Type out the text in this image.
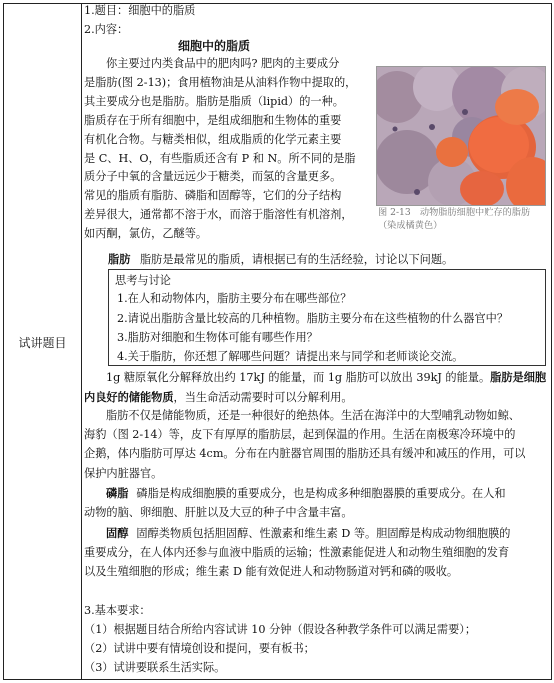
试讲题目

1.题目：细胞中的脂质

2.内容：

细胞中的脂质
你主要过内类食品中的肥肉吗? 肥肉的主要成分
是脂肪(图 2-13)；食用植物油是从油料作物中提取的，
其主要成分也是脂肪。脂肪是脂质（lipid）的一种。
脂质存在于所有细胞中，是组成细胞和生物体的重要
有机化合物。与糖类相似，组成脂质的化学元素主要
是 C、H、O，有些脂质还含有 P 和 N。所不同的是脂
质分子中氧的含量远远少于糖类，而氢的含量更多。
常见的脂质有脂肪、磷脂和固醇等，它们的分子结构
差异很大，通常都不溶于水，而溶于脂溶性有机溶剂，
如丙酮，氯仿，乙醚等。
图 2-13　动物脂肪细胞中贮存的脂肪（染成橘黄色）
脂肪 脂肪是最常见的脂质，请根据已有的生活经验，讨论以下问题。
思考与讨论
1.在人和动物体内，脂肪主要分布在哪些部位？
2.请说出脂肪含量比较高的几种植物。脂肪主要分布在这些植物的什么器官中？
3.脂肪对细胞和生物体可能有哪些作用？
4.关于脂肪，你还想了解哪些问题？请提出来与同学和老师谈论交流。
1g 糖原氧化分解释放出约 17kJ 的能量，而 1g 脂肪可以放出 39kJ 的能量。脂肪是细胞内良好的储能物质，当生命活动需要时可以分解利用。
脂肪不仅是储能物质，还是一种很好的绝热体。生活在海洋中的大型哺乳动物如鲸、
海豹（图 2-14）等，皮下有厚厚的脂肪层，起到保温的作用。生活在南极寒冷环境中的
企鹅，体内脂肪可厚达 4cm。分布在内脏器官周围的脂肪还具有缓冲和减压的作用，可以
保护内脏器官。
磷脂 磷脂是构成细胞膜的重要成分，也是构成多种细胞器膜的重要成分。在人和
动物的脑、卵细胞、肝脏以及大豆的种子中含量丰富。
固醇 固醇类物质包括胆固醇、性激素和维生素 D 等。胆固醇是构成动物细胞膜的
重要成分，在人体内还参与血液中脂质的运输；性激素能促进人和动物生殖细胞的发育
以及生殖细胞的形成；维生素 D 能有效促进人和动物肠道对钙和磷的吸收。
3.基本要求：
（1）根据题目结合所给内容试讲 10 分钟（假设各种教学条件可以满足需要）；
（2）试讲中要有情境创设和提问，要有板书；
（3）试讲要联系生活实际。
